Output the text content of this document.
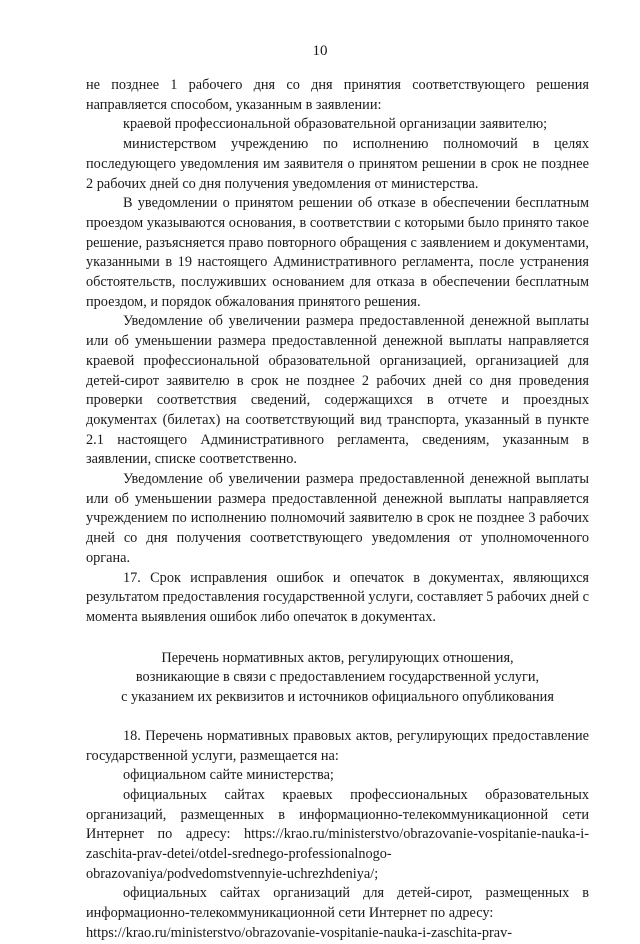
10

не позднее 1 рабочего дня со дня принятия соответствующего решения направляется способом, указанным в заявлении:

краевой профессиональной образовательной организации заявителю;

министерством учреждению по исполнению полномочий в целях последующего уведомления им заявителя о принятом решении в срок не позднее 2 рабочих дней со дня получения уведомления от министерства.

В уведомлении о принятом решении об отказе в обеспечении бесплатным проездом указываются основания, в соответствии с которыми было принято такое решение, разъясняется право повторного обращения с заявлением и документами, указанными в 19 настоящего Административного регламента, после устранения обстоятельств, послуживших основанием для отказа в обеспечении бесплатным проездом, и порядок обжалования принятого решения.

Уведомление об увеличении размера предоставленной денежной выплаты или об уменьшении размера предоставленной денежной выплаты направляется краевой профессиональной образовательной организацией, организацией для детей-сирот заявителю в срок не позднее 2 рабочих дней со дня проведения проверки соответствия сведений, содержащихся в отчете и проездных документах (билетах) на соответствующий вид транспорта, указанный в пункте 2.1 настоящего Административного регламента, сведениям, указанным в заявлении, списке соответственно.

Уведомление об увеличении размера предоставленной денежной выплаты или об уменьшении размера предоставленной денежной выплаты направляется учреждением по исполнению полномочий заявителю в срок не позднее 3 рабочих дней со дня получения соответствующего уведомления от уполномоченного органа.

17. Срок исправления ошибок и опечаток в документах, являющихся результатом предоставления государственной услуги, составляет 5 рабочих дней с момента выявления ошибок либо опечаток в документах.

Перечень нормативных актов, регулирующих отношения,

возникающие в связи с предоставлением государственной услуги,

с указанием их реквизитов и источников официального опубликования

18. Перечень нормативных правовых актов, регулирующих предоставление государственной услуги, размещается на:

официальном сайте министерства;

официальных сайтах краевых профессиональных образовательных организаций, размещенных в информационно-телекоммуникационной сети Интернет по адресу: https://krao.ru/ministerstvo/obrazovanie-vospitanie-nauka-i-zaschita-prav-detei/otdel-srednego-professionalnogo-obrazovaniya/podvedomstvennyie-uchrezhdeniya/;

официальных сайтах организаций для детей-сирот, размещенных в информационно-телекоммуникационной сети Интернет по адресу:

https://krao.ru/ministerstvo/obrazovanie-vospitanie-nauka-i-zaschita-prav-
